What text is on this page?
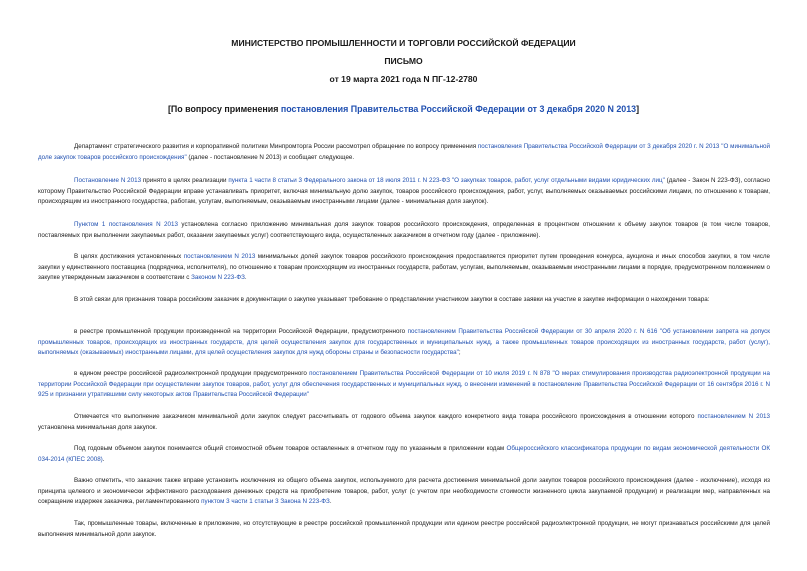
МИНИСТЕРСТВО ПРОМЫШЛЕННОСТИ И ТОРГОВЛИ РОССИЙСКОЙ ФЕДЕРАЦИИ
ПИСЬМО
от 19 марта 2021 года N ПГ-12-2780
[По вопросу применения постановления Правительства Российской Федерации от 3 декабря 2020 N 2013]

Департамент стратегического развития и корпоративной политики Минпромторга России рассмотрел обращение по вопросу применения постановления Правительства Российской Федерации от 3 декабря 2020 г. N 2013 "О минимальной доле закупок товаров российского происхождения" (далее - постановление N 2013) и сообщает следующее.

Постановление N 2013 принято в целях реализации пункта 1 части 8 статьи 3 Федерального закона от 18 июля 2011 г. N 223-ФЗ "О закупках товаров, работ, услуг отдельными видами юридических лиц" (далее - Закон N 223-ФЗ), согласно которому Правительство Российской Федерации вправе устанавливать приоритет, включая минимальную долю закупок, товаров российского происхождения, работ, услуг, выполняемых оказываемых российскими лицами, по отношению к товарам, происходящим из иностранного государства, работам, услугам, выполняемым, оказываемым иностранными лицами (далее - минимальная доля закупок).

Пунктом 1 постановления N 2013 установлена согласно приложению минимальная доля закупок товаров российского происхождения, определенная в процентном отношении к объему закупок товаров (в том числе товаров, поставляемых при выполнении закупаемых работ, оказании закупаемых услуг) соответствующего вида, осуществленных заказчиком в отчетном году (далее - приложение).

В целях достижения установленных постановлением N 2013 минимальных долей закупок товаров российского происхождения предоставляется приоритет путем проведения конкурса, аукциона и иных способов закупки, в том числе закупки у единственного поставщика (подрядчика, исполнителя), по отношению к товарам происходящим из иностранных государств, работам, услугам, выполняемым, оказываемым иностранными лицами в порядке, предусмотренном положением о закупке утвержденным заказчиком в соответствии с Законом N 223-ФЗ.

В этой связи для признания товара российским заказчик в документации о закупке указывает требование о представлении участником закупки в составе заявки на участие в закупке информации о нахождении товара:

в реестре промышленной продукции произведенной на территории Российской Федерации, предусмотренного постановлением Правительства Российской Федерации от 30 апреля 2020 г. N 616 "Об установлении запрета на допуск промышленных товаров, происходящих из иностранных государств, для целей осуществления закупок для государственных и муниципальных нужд, а также промышленных товаров происходящих из иностранных государств, работ (услуг), выполняемых (оказываемых) иностранными лицами, для целей осуществления закупок для нужд обороны страны и безопасности государства";

в едином реестре российской радиоэлектронной продукции предусмотренного постановлением Правительства Российской Федерации от 10 июля 2019 г. N 878 "О мерах стимулирования производства радиоэлектронной продукции на территории Российской Федерации при осуществлении закупок товаров, работ, услуг для обеспечения государственных и муниципальных нужд, о внесении изменений в постановление Правительства Российской Федерации от 16 сентября 2016 г. N 925 и признании утратившими силу некоторых актов Правительства Российской Федерации"

Отмечается что выполнение заказчиком минимальной доли закупок следует рассчитывать от годового объема закупок каждого конкретного вида товара российского происхождения в отношении которого постановлением N 2013 установлена минимальная доля закупок.

Под годовым объемом закупок понимается общий стоимостной объем товаров оставленных в отчетном году по указанным в приложении кодам Общероссийского классификатора продукции по видам экономической деятельности ОК 034-2014 (КПЕС 2008).

Важно отметить, что заказчик также вправе установить исключения из общего объема закупок, используемого для расчета достижения минимальной доли закупок товаров российского происхождения (далее - исключение), исходя из принципа целевого и экономически эффективного расходования денежных средств на приобретение товаров, работ, услуг (с учетом при необходимости стоимости жизненного цикла закупаемой продукции) и реализации мер, направленных на сокращение издержек заказчика, регламентированного пунктом 3 части 1 статьи 3 Закона N 223-ФЗ.

Так, промышленные товары, включенные в приложение, но отсутствующие в реестре российской промышленной продукции или едином реестре российской радиоэлектронной продукции, не могут признаваться российскими для целей выполнения минимальной доли закупок.
